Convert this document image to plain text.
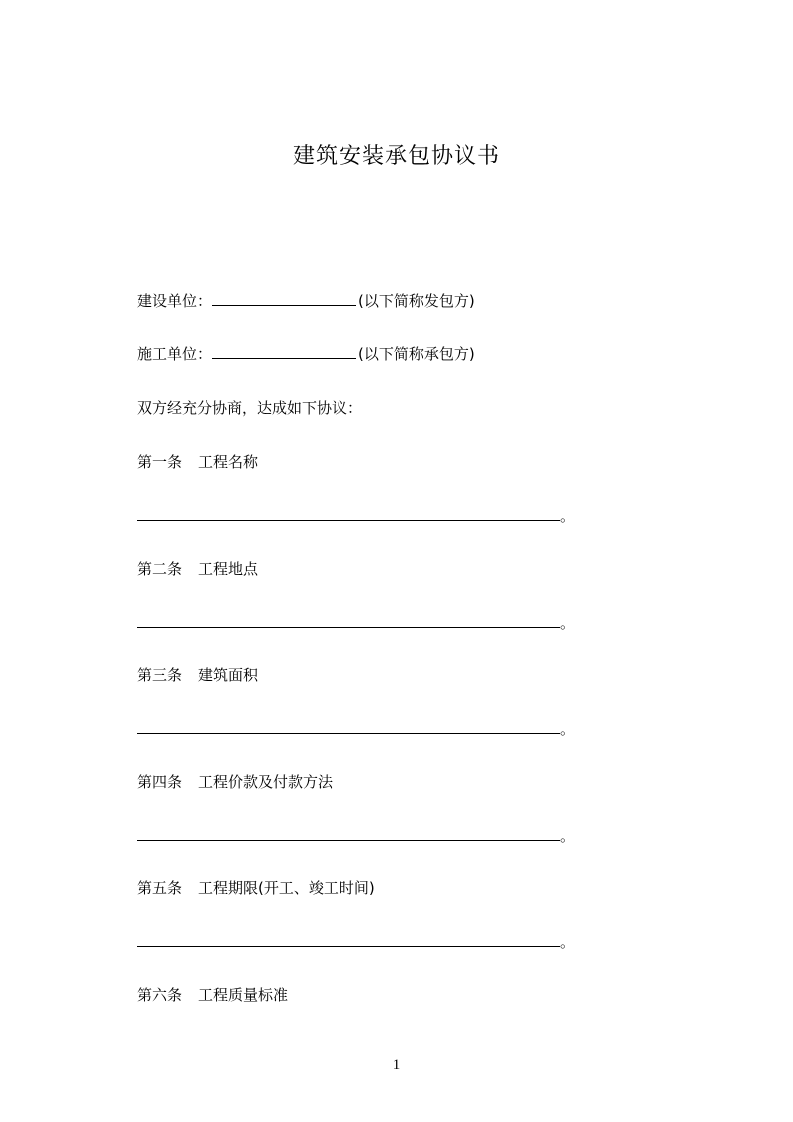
建筑安装承包协议书
建设单位：	(以下简称发包方)
施工单位：	(以下简称承包方)
双方经充分协商，达成如下协议：
第一条 工程名称
。
第二条 工程地点
。
第三条 建筑面积
。
第四条 工程价款及付款方法
。
第五条 工程期限(开工、竣工时间)
。
第六条 工程质量标准
1
